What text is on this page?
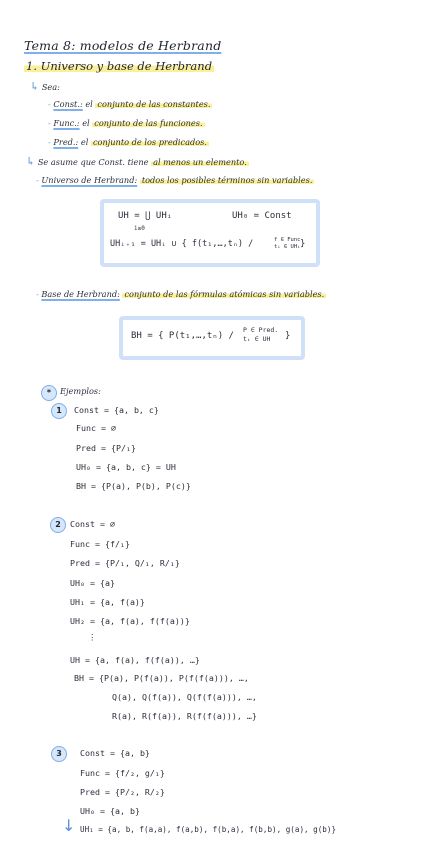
Tema 8: modelos de Herbrand
1. Universo y base de Herbrand
↳ Sea:
- Const.: el conjunto de las constantes.
- Func.: el conjunto de las funciones.
- Pred.: el conjunto de los predicados.
↳ Se asume que Const. tiene al menos un elemento.
- Universo de Herbrand: todos los posibles términos sin variables.
UH = ⋃ UHᵢ
i≥0
UH₀ = Const
UHᵢ₊₁ = UHᵢ ∪ { f(t₁,…,tₙ) /	f ∈ Func
tᵢ ∈ UHᵢ }
- Base de Herbrand: conjunto de las fórmulas atómicas sin variables.
BH = { P(t₁,…,tₙ) /
P ∈ Pred.
tᵢ ∈ UH	}
*	Ejemplos:
1	Const = {a, b, c}
Func = ∅
Pred = {P/₁}
UH₀ = {a, b, c} = UH
BH = {P(a), P(b), P(c)}
2	Const = ∅
Func = {f/₁}
Pred = {P/₁, Q/₁, R/₁}
UH₀ = {a}
UH₁ = {a, f(a)}
UH₂ = {a, f(a), f(f(a))}
⋮
UH = {a, f(a), f(f(a)), …}
BH = {P(a), P(f(a)), P(f(f(a))), …,
Q(a), Q(f(a)), Q(f(f(a))), …,
R(a), R(f(a)), R(f(f(a))), …}
3	Const = {a, b}
Func = {f/₂, g/₁}
Pred = {P/₂, R/₂}
UH₀ = {a, b}
UH₁ = {a, b, f(a,a), f(a,b), f(b,a), f(b,b), g(a), g(b)}
↓
